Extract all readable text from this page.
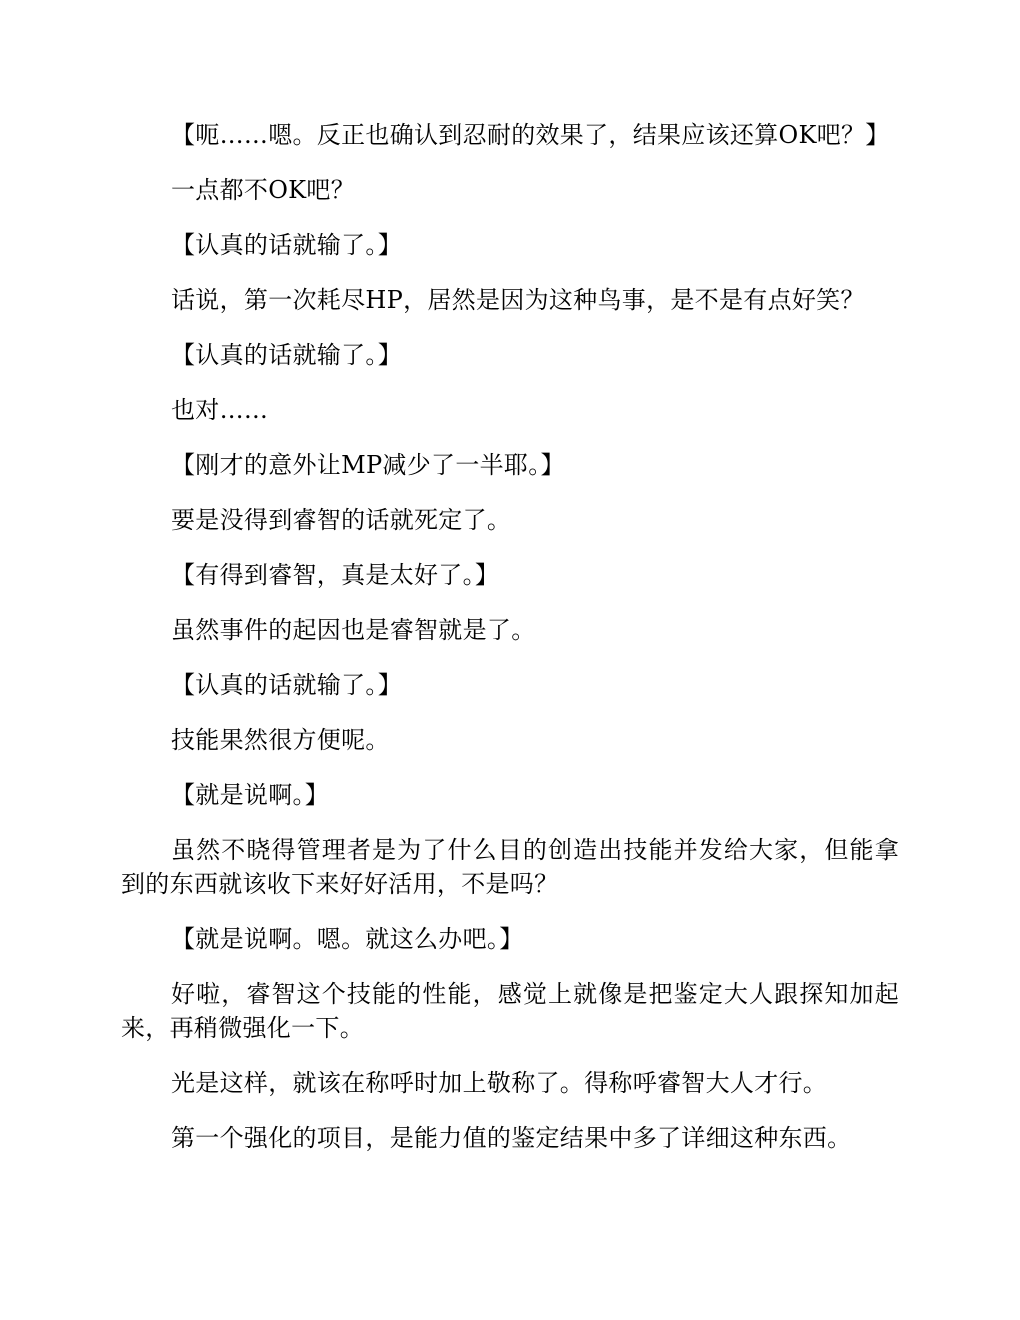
【呃……嗯。反正也确认到忍耐的效果了，结果应该还算OK吧？】

一点都不OK吧？

【认真的话就输了。】

话说，第一次耗尽HP，居然是因为这种鸟事，是不是有点好笑？

【认真的话就输了。】

也对……

【刚才的意外让MP减少了一半耶。】

要是没得到睿智的话就死定了。

【有得到睿智，真是太好了。】

虽然事件的起因也是睿智就是了。

【认真的话就输了。】

技能果然很方便呢。

【就是说啊。】

虽然不晓得管理者是为了什么目的创造出技能并发给大家，但能拿到的东西就该收下来好好活用，不是吗？

【就是说啊。嗯。就这么办吧。】

好啦，睿智这个技能的性能，感觉上就像是把鉴定大人跟探知加起来，再稍微强化一下。

光是这样，就该在称呼时加上敬称了。得称呼睿智大人才行。

第一个强化的项目，是能力值的鉴定结果中多了详细这种东西。
